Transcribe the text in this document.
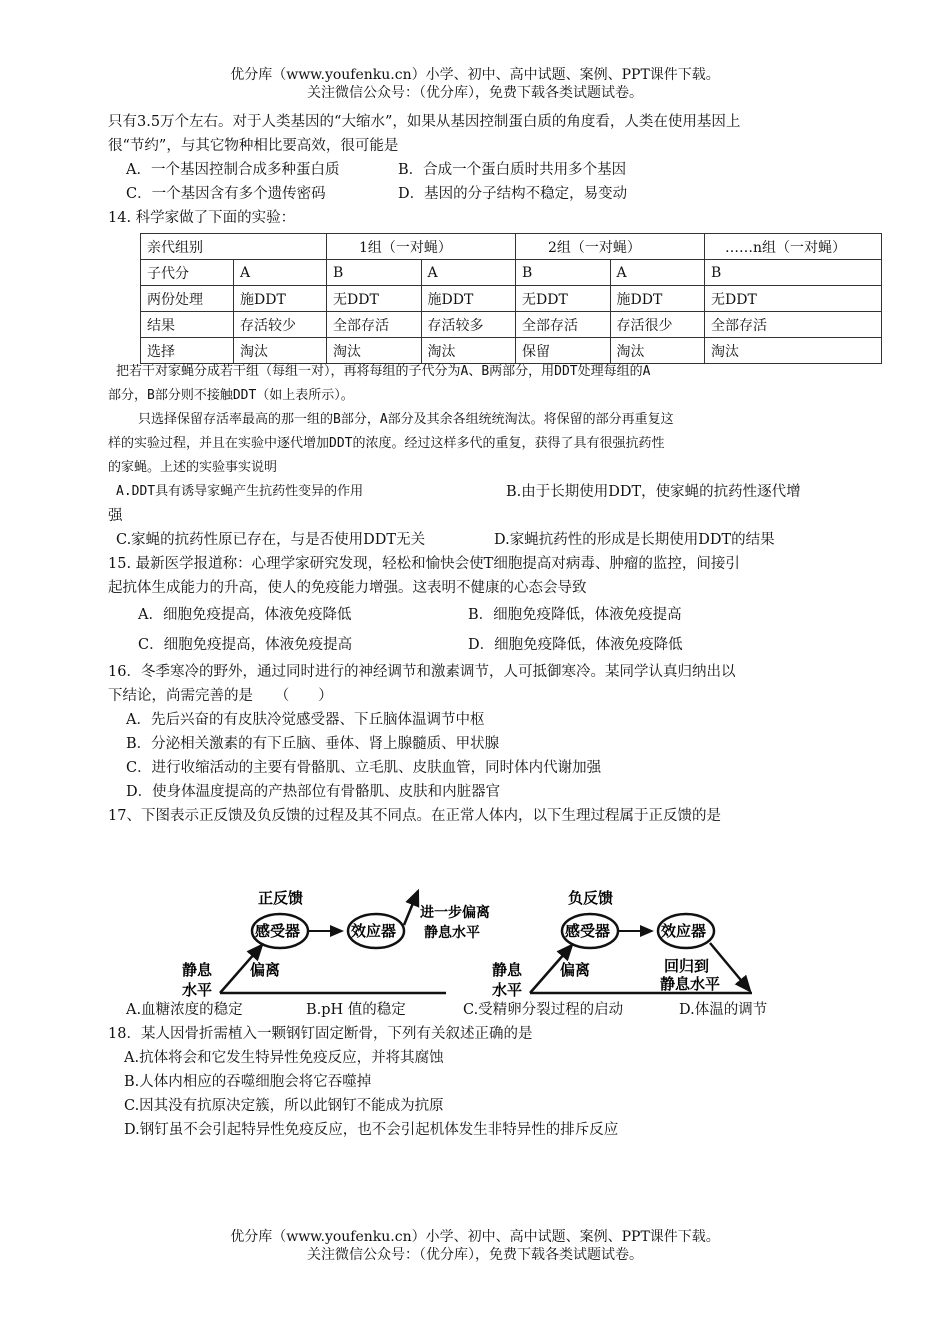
优分库（www.youfenku.cn）小学、初中、高中试题、案例、PPT课件下载。
关注微信公众号：（优分库），免费下载各类试题试卷。
只有3.5万个左右。对于人类基因的“大缩水”，如果从基因控制蛋白质的角度看，人类在使用基因上
很“节约”，与其它物种相比要高效，很可能是
A．一个基因控制合成多种蛋白质	B．合成一个蛋白质时共用多个基因
C．一个基因含有多个遗传密码	D．基因的分子结构不稳定，易变动
14. 科学家做了下面的实验：
把若干对家蝇分成若干组（每组一对），再将每组的子代分为A、B两部分，用DDT处理每组的A
部分，B部分则不接触DDT（如上表所示）。
只选择保留存活率最高的那一组的B部分，A部分及其余各组统统淘汰。将保留的部分再重复这
样的实验过程，并且在实验中逐代增加DDT的浓度。经过这样多代的重复，获得了具有很强抗药性
的家蝇。上述的实验事实说明
A.DDT具有诱导家蝇产生抗药性变异的作用	B.由于长期使用DDT，使家蝇的抗药性逐代增
强
C.家蝇的抗药性原已存在，与是否使用DDT无关	D.家蝇抗药性的形成是长期使用DDT的结果
15. 最新医学报道称：心理学家研究发现，轻松和愉快会使T细胞提高对病毒、肿瘤的监控，间接引
起抗体生成能力的升高，使人的免疫能力增强。这表明不健康的心态会导致
A．细胞免疫提高，体液免疫降低	B．细胞免疫降低，体液免疫提高
C．细胞免疫提高，体液免疫提高	D．细胞免疫降低，体液免疫降低
16．冬季寒冷的野外，通过同时进行的神经调节和激素调节，人可抵御寒冷。某同学认真归纳出以
下结论，尚需完善的是　　（　　）
A．先后兴奋的有皮肤冷觉感受器、下丘脑体温调节中枢
B．分泌相关激素的有下丘脑、垂体、肾上腺髓质、甲状腺
C．进行收缩活动的主要有骨骼肌、立毛肌、皮肤血管，同时体内代谢加强
D．使身体温度提高的产热部位有骨骼肌、皮肤和内脏器官
17、下图表示正反馈及负反馈的过程及其不同点。在正常人体内，以下生理过程属于正反馈的是
A.血糖浓度的稳定	B.pH 值的稳定	C.受精卵分裂过程的启动	D.体温的调节
18．某人因骨折需植入一颗钢钉固定断骨，下列有关叙述正确的是
A.抗体将会和它发生特异性免疫反应，并将其腐蚀
B.人体内相应的吞噬细胞会将它吞噬掉
C.因其没有抗原决定簇，所以此钢钉不能成为抗原
D.钢钉虽不会引起特异性免疫反应，也不会引起机体发生非特异性的排斥反应
亲代组别		1组（一对蝇）		2组（一对蝇）		……n组（一对蝇）
子代分	A	B	A	B	A	B
两份处理	施DDT	无DDT	施DDT	无DDT	施DDT	无DDT
结果	存活较少	全部存活	存活较多	全部存活	存活很少	全部存活
选择	淘汰	淘汰	淘汰	保留	淘汰	淘汰
正反馈
感受器	效应器
进一步偏离
静息水平
偏离
静息
水平
负反馈
感受器	效应器
偏离	回归到
静息水平
静息
水平
优分库（www.youfenku.cn）小学、初中、高中试题、案例、PPT课件下载。
关注微信公众号：（优分库），免费下载各类试题试卷。
